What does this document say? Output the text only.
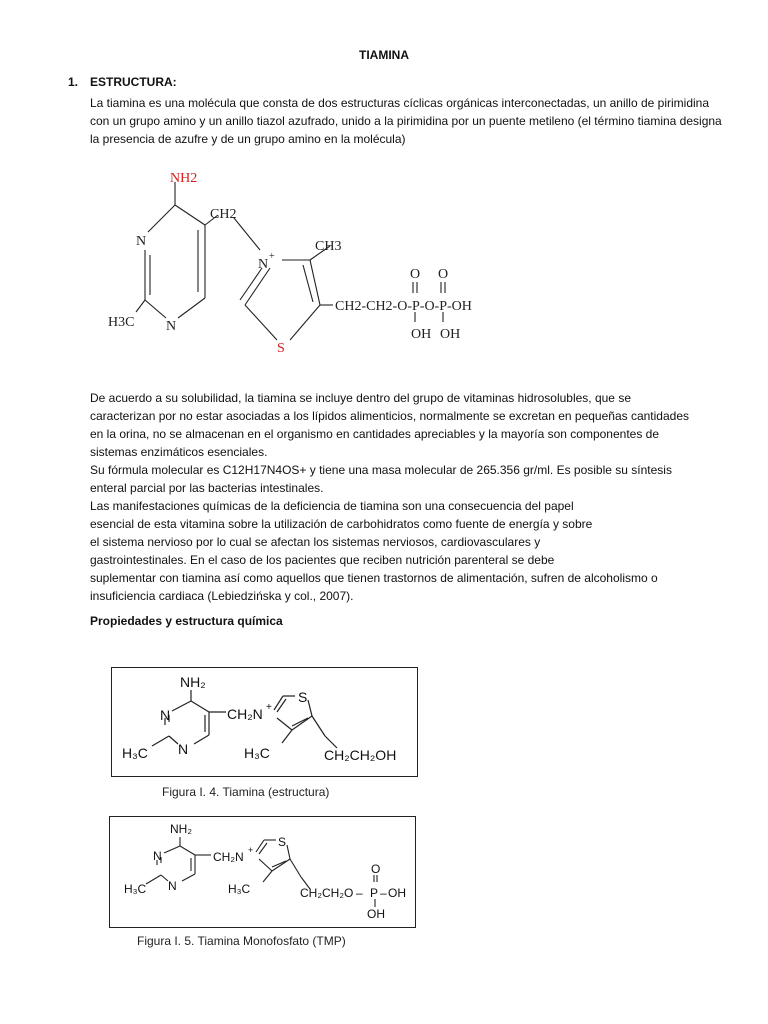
TIAMINA
1. ESTRUCTURA:
La tiamina es una molécula que consta de dos estructuras cíclicas orgánicas interconectadas, un anillo de pirimidina con un grupo amino y un anillo tiazol azufrado, unido a la pirimidina por un puente metileno (el término tiamina designa la presencia de azufre y de un grupo amino en la molécula)
NH2
CH2
N
N
H3C
N
+
CH3
S
CH2-CH2-O-P-O-P-OH
O O
OH OH
De acuerdo a su solubilidad, la tiamina se incluye dentro del grupo de vitaminas hidrosolubles, que se
caracterizan por no estar asociadas a los lípidos alimenticios, normalmente se excretan en pequeñas cantidades
en la orina, no se almacenan en el organismo en cantidades apreciables y la mayoría son componentes de
sistemas enzimáticos esenciales.
Su fórmula molecular es C12H17N4OS+ y tiene una masa molecular de 265.356 gr/ml. Es posible su síntesis
enteral parcial por las bacterias intestinales.
Las manifestaciones químicas de la deficiencia de tiamina son una consecuencia del papel
esencial de esta vitamina sobre la utilización de carbohidratos como fuente de energía y sobre
el sistema nervioso por lo cual se afectan los sistemas nerviosos, cardiovasculares y
gastrointestinales. En el caso de los pacientes que reciben nutrición parenteral se debe
suplementar con tiamina así como aquellos que tienen trastornos de alimentación, sufren de alcoholismo o
insuficiencia cardiaca (Lebiedzińska y col., 2007).
Propiedades y estructura química
NH₂
N
N
H₃C
CH₂N +
S
H₃C	CH₂CH₂OH
Figura I. 4. Tiamina (estructura)
NH₂
N
N
H₃C
CH₂N +
S
H₃C	CH₂CH₂O – P
O
– OH
OH
Figura I. 5. Tiamina Monofosfato (TMP)
